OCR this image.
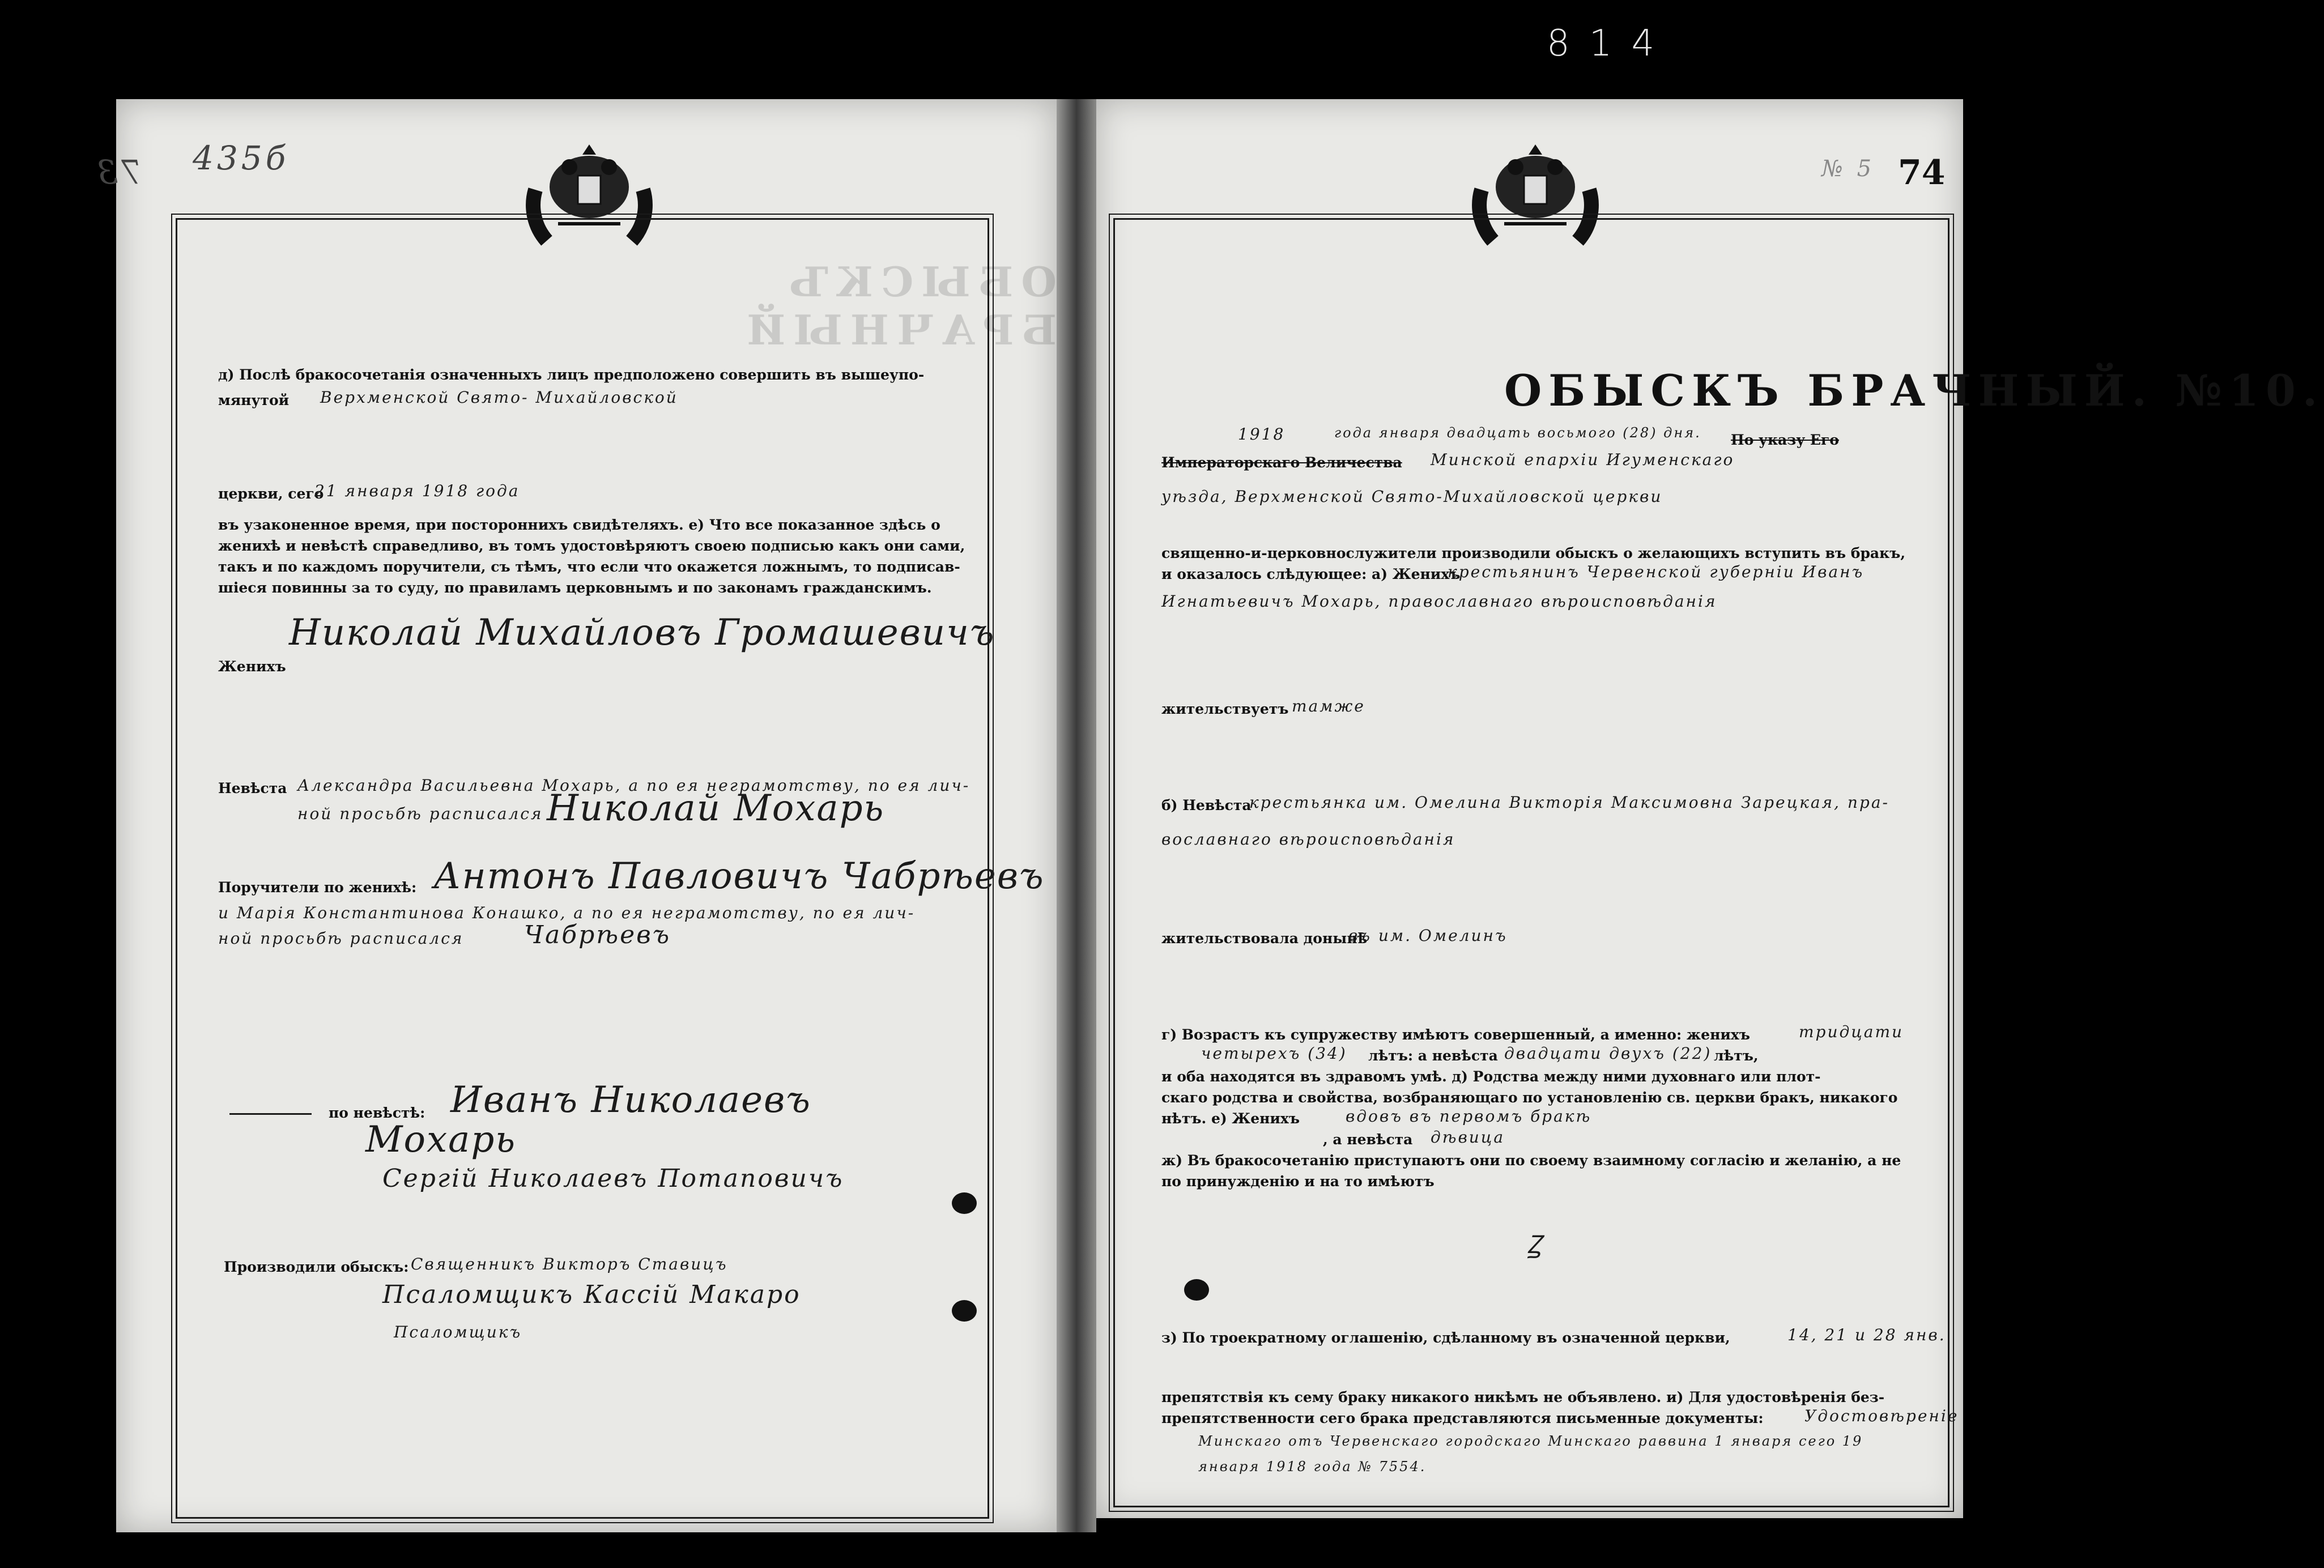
814
73 435б
ОБЫСКЪ БРАЧНЫЙ
д) Послѣ бракосочетанія означенныхъ лицъ предположено совершить въ вышеупо-
мянутой Верхменской Свято- Михайловской
церкви, сего
21 января 1918 года
въ узаконенное время, при постороннихъ свидѣтеляхъ. е) Что все показанное здѣсь о
женихѣ и невѣстѣ справедливо, въ томъ удостовѣряютъ своею подписью какъ они сами,
такъ и по каждомъ поручители, съ тѣмъ, что если что окажется ложнымъ, то подписав-
шіеся повинны за то суду, по правиламъ церковнымъ и по законамъ гражданскимъ.
Женихъ
Николай Михайловъ Громашевичъ
Невѣста Александра Васильевна Мохарь, а по ея неграмотству, по ея лич-
ной просьбѣ расписался Николай Мохарь
Поручители по женихѣ: Антонъ Павловичъ Чабрѣевъ
и Марія Константинова Конашко, а по ея неграмотству, по ея лич-
ной просьбѣ расписался Чабрѣевъ
по невѣстѣ: Иванъ Николаевъ
Мохарь
Сергій Николаевъ Потаповичъ
Производили обыскъ: Священникъ Викторъ Ставицъ
Псаломщикъ Кассій Макаро
Псаломщикъ
№ 5 74
ОБЫСКЪ БРАЧНЫЙ. №10.
1918	года января двадцать восьмого (28) дня. По указу Его
Императорскаго Величества Минской епархіи Игуменскаго
уѣзда, Верхменской Свято-Михайловской церкви
священно-и-церковнослужители производили обыскъ о желающихъ вступить въ бракъ,
и оказалось слѣдующее: а) Женихъ
крестьянинъ Червенской губерніи Иванъ
Игнатьевичъ Мохарь, православнаго вѣроисповѣданія
жительствуетъ тамже
б) Невѣста
крестьянка им. Омелина Викторія Максимовна Зарецкая, пра-
вославнаго вѣроисповѣданія
жительствовала донынѣ
въ им. Омелинъ
г) Возрастъ къ супружеству имѣютъ совершенный, а именно: женихъ	тридцати
четырехъ (34) лѣтъ: а невѣста двадцати двухъ (22) лѣтъ,
и оба находятся въ здравомъ умѣ. д) Родства между ними духовнаго или плот-
скаго родства и свойства, возбраняющаго по установленію св. церкви бракъ, никакого
нѣтъ. е) Женихъ	вдовъ въ первомъ бракѣ
, а невѣста дѣвица
ж) Въ бракосочетанію приступаютъ они по своему взаимному согласію и желанію, а не
по принужденію и на то имѣютъ
Ꙁ
з) По троекратному оглашенію, сдѣланному въ означенной церкви,	14, 21 и 28 янв.
препятствія къ сему браку никакого никѣмъ не объявлено. и) Для удостовѣренія без-
препятственности сего брака представляются письменные документы:	Удостовѣреніе
Минскаго отъ Червенскаго городскаго Минскаго раввина 1 января сего 19
января 1918 года № 7554.
